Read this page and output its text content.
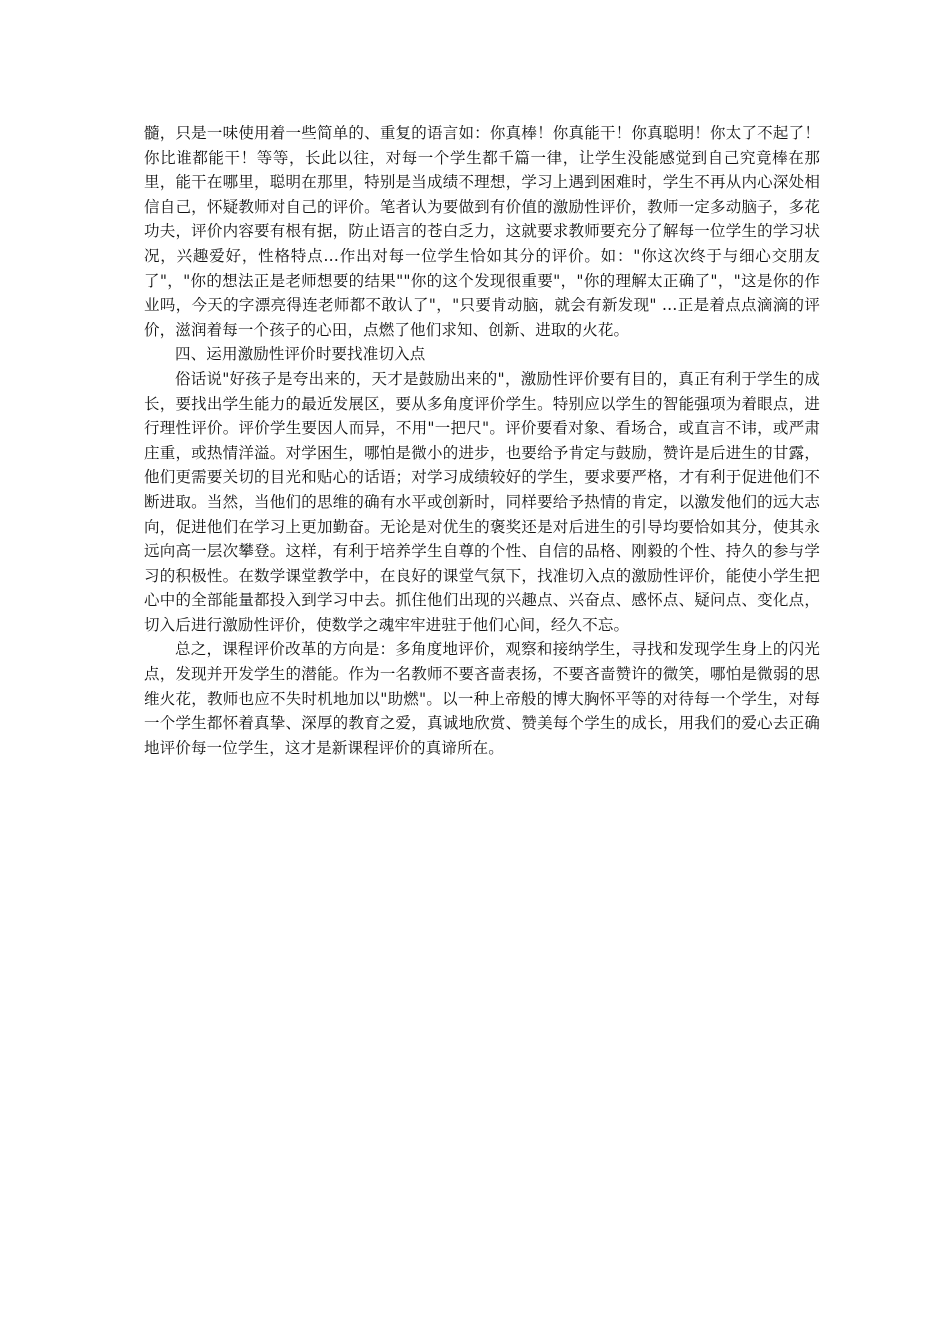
髓，只是一味使用着一些简单的、重复的语言如：你真棒！你真能干！你真聪明！你太了不起了！你比谁都能干！等等，长此以往，对每一个学生都千篇一律，让学生没能感觉到自己究竟棒在那里，能干在哪里，聪明在那里，特别是当成绩不理想，学习上遇到困难时，学生不再从内心深处相信自己，怀疑教师对自己的评价。笔者认为要做到有价值的激励性评价，教师一定多动脑子，多花功夫，评价内容要有根有据，防止语言的苍白乏力，这就要求教师要充分了解每一位学生的学习状况，兴趣爱好，性格特点…作出对每一位学生恰如其分的评价。如："你这次终于与细心交朋友了"，"你的想法正是老师想要的结果""你的这个发现很重要"，"你的理解太正确了"，"这是你的作业吗，今天的字漂亮得连老师都不敢认了"，"只要肯动脑，就会有新发现" …正是着点点滴滴的评价，滋润着每一个孩子的心田，点燃了他们求知、创新、进取的火花。

四、运用激励性评价时要找准切入点

俗话说"好孩子是夸出来的，天才是鼓励出来的"，激励性评价要有目的，真正有利于学生的成长，要找出学生能力的最近发展区，要从多角度评价学生。特别应以学生的智能强项为着眼点，进行理性评价。评价学生要因人而异，不用"一把尺"。评价要看对象、看场合，或直言不讳，或严肃庄重，或热情洋溢。对学困生，哪怕是微小的进步，也要给予肯定与鼓励，赞许是后进生的甘露，他们更需要关切的目光和贴心的话语；对学习成绩较好的学生，要求要严格，才有利于促进他们不断进取。当然，当他们的思维的确有水平或创新时，同样要给予热情的肯定，以激发他们的远大志向，促进他们在学习上更加勤奋。无论是对优生的褒奖还是对后进生的引导均要恰如其分，使其永远向高一层次攀登。这样，有利于培养学生自尊的个性、自信的品格、刚毅的个性、持久的参与学习的积极性。在数学课堂教学中，在良好的课堂气氛下，找准切入点的激励性评价，能使小学生把心中的全部能量都投入到学习中去。抓住他们出现的兴趣点、兴奋点、感怀点、疑问点、变化点，切入后进行激励性评价，使数学之魂牢牢进驻于他们心间，经久不忘。

总之，课程评价改革的方向是：多角度地评价，观察和接纳学生，寻找和发现学生身上的闪光点，发现并开发学生的潜能。作为一名教师不要吝啬表扬，不要吝啬赞许的微笑，哪怕是微弱的思维火花，教师也应不失时机地加以"助燃"。以一种上帝般的博大胸怀平等的对待每一个学生，对每一个学生都怀着真挚、深厚的教育之爱，真诚地欣赏、赞美每个学生的成长，用我们的爱心去正确地评价每一位学生，这才是新课程评价的真谛所在。
